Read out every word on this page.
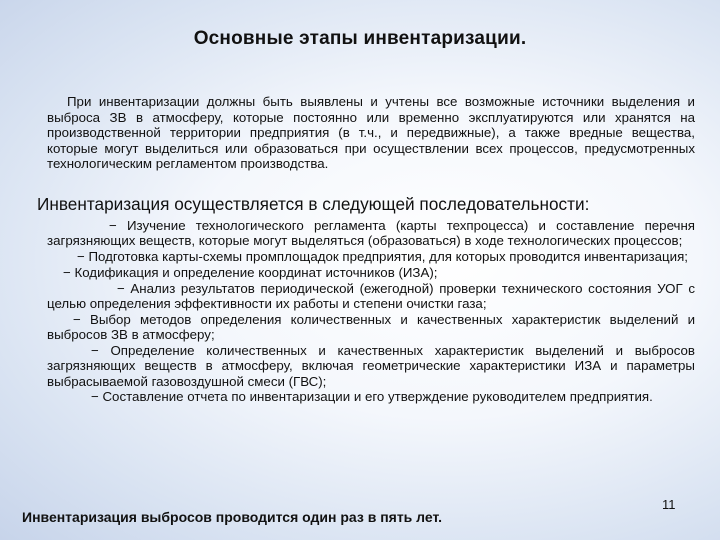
Основные этапы инвентаризации.

При инвентаризации должны быть выявлены и учтены все возможные источники выделения и выброса ЗВ в атмосферу, которые постоянно или временно эксплуатируются или хранятся на производственной территории предприятия (в т.ч., и передвижные), а также вредные вещества, которые могут выделиться или образоваться при осуществлении всех процессов, предусмотренных технологическим регламентом производства.

Инвентаризация осуществляется в следующей последовательности:

− Изучение технологического регламента (карты техпроцесса) и составление перечня загрязняющих веществ, которые могут выделяться (образоваться) в ходе технологических процессов;
− Подготовка карты-схемы промплощадок предприятия, для которых проводится инвентаризация;
− Кодификация и определение координат источников (ИЗА);
− Анализ результатов периодической (ежегодной) проверки технического состояния УОГ с целью определения эффективности их работы и степени очистки газа;
− Выбор методов определения количественных и качественных характеристик выделений и выбросов ЗВ в атмосферу;
− Определение количественных и качественных характеристик выделений и выбросов загрязняющих веществ в атмосферу, включая геометрические характеристики ИЗА и параметры выбрасываемой газовоздушной смеси (ГВС);
− Составление отчета по инвентаризации и его утверждение руководителем предприятия.
Инвентаризация выбросов проводится один раз в пять лет.
11
